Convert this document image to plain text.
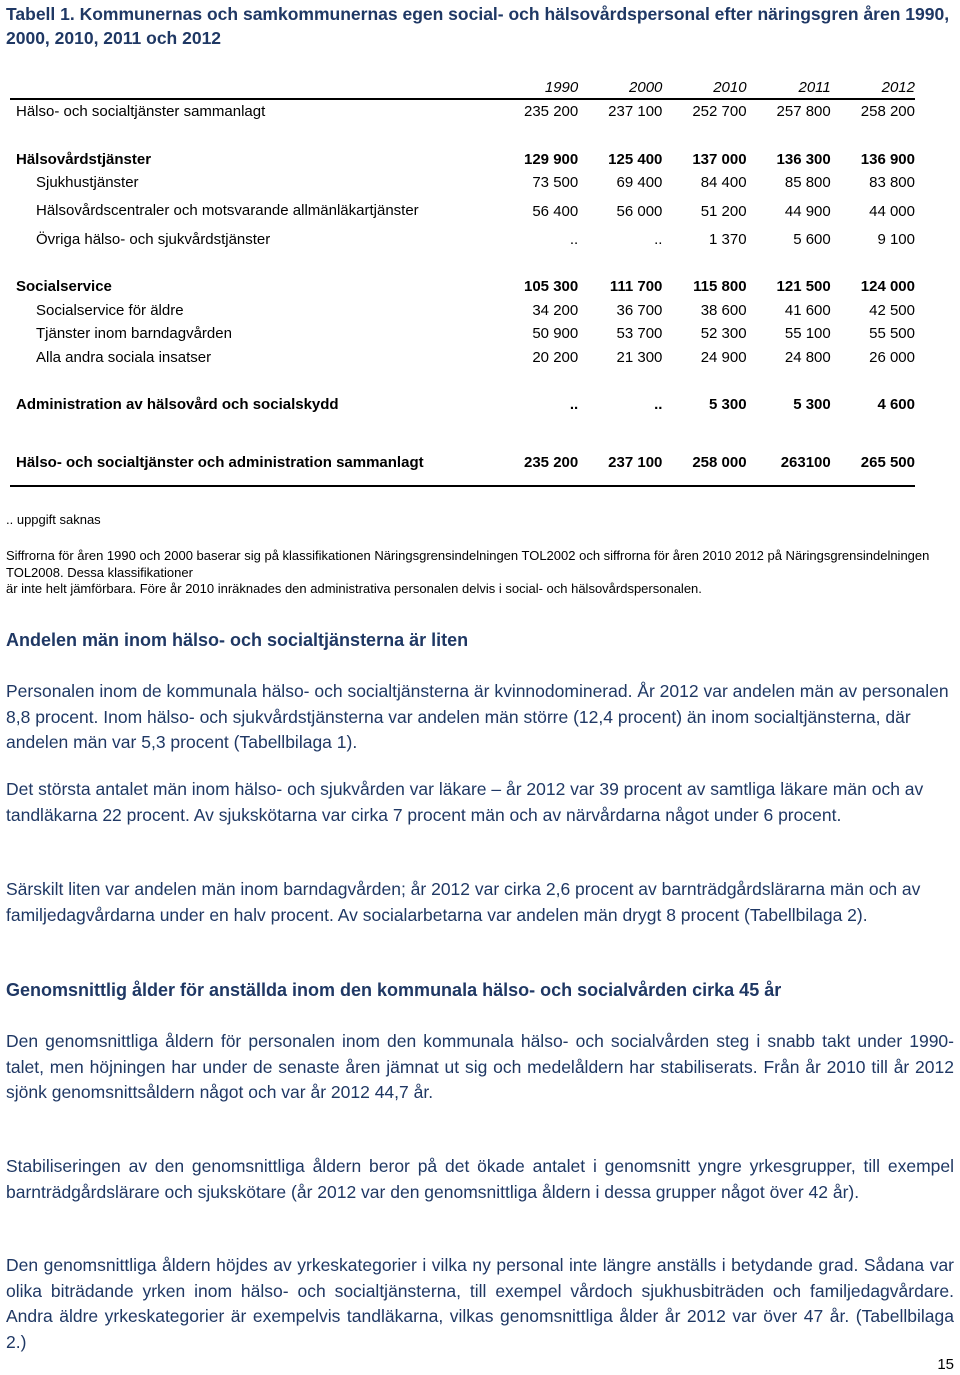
Tabell 1. Kommunernas och samkommunernas egen social- och hälsovårdspersonal efter näringsgren åren 1990, 2000, 2010, 2011 och 2012
	1990	2000	2010	2011	2012
Hälso- och socialtjänster sammanlagt	235 200	237 100	252 700	257 800	258 200

Hälsovårdstjänster	129 900	125 400	137 000	136 300	136 900
Sjukhustjänster	73 500	69 400	84 400	85 800	83 800
Hälsovårdscentraler och motsvarande allmänläkartjänster	56 400	56 000	51 200	44 900	44 000
Övriga hälso- och sjukvårdstjänster	..	..	1 370	5 600	9 100

Socialservice	105 300	111 700	115 800	121 500	124 000
Socialservice för äldre	34 200	36 700	38 600	41 600	42 500
Tjänster inom barndagvården	50 900	53 700	52 300	55 100	55 500
Alla andra sociala insatser	20 200	21 300	24 900	24 800	26 000

Administration av hälsovård och socialskydd	..	..	5 300	5 300	4 600

Hälso- och socialtjänster och administration sammanlagt	235 200	237 100	258 000	263100	265 500
.. uppgift saknas
Siffrorna för åren 1990 och 2000 baserar sig på klassifikationen Näringsgrensindelningen TOL2002 och siffrorna för åren 2010 2012 på Näringsgrensindelningen TOL2008. Dessa klassifikationer
är inte helt jämförbara. Före år 2010 inräknades den administrativa personalen delvis i social- och hälsovårdspersonalen.
Andelen män inom hälso- och socialtjänsterna är liten

Personalen inom de kommunala hälso- och socialtjänsterna är kvinnodominerad. År 2012 var andelen män av personalen 8,8 procent. Inom hälso- och sjukvårdstjänsterna var andelen män större (12,4 procent) än inom socialtjänsterna, där andelen män var 5,3 procent (Tabellbilaga 1).

Det största antalet män inom hälso- och sjukvården var läkare – år 2012 var 39 procent av samtliga läkare män och av tandläkarna 22 procent. Av sjukskötarna var cirka 7 procent män och av närvårdarna något under 6 procent.

Särskilt liten var andelen män inom barndagvården; år 2012 var cirka 2,6 procent av barnträdgårdslärarna män och av familjedagvårdarna under en halv procent. Av socialarbetarna var andelen män drygt 8 procent (Tabellbilaga 2).

Genomsnittlig ålder för anställda inom den kommunala hälso- och socialvården cirka 45 år

Den genomsnittliga åldern för personalen inom den kommunala hälso- och socialvården steg i snabb takt under 1990-talet, men höjningen har under de senaste åren jämnat ut sig och medelåldern har stabiliserats. Från år 2010 till år 2012 sjönk genomsnittsåldern något och var år 2012 44,7 år.

Stabiliseringen av den genomsnittliga åldern beror på det ökade antalet i genomsnitt yngre yrkesgrupper, till exempel barnträdgårdslärare och sjukskötare (år 2012 var den genomsnittliga åldern i dessa grupper något över 42 år).

Den genomsnittliga åldern höjdes av yrkeskategorier i vilka ny personal inte längre anställs i betydande grad. Sådana var olika biträdande yrken inom hälso- och socialtjänsterna, till exempel vårdoch sjukhusbiträden och familjedagvårdare. Andra äldre yrkeskategorier är exempelvis tandläkarna, vilkas genomsnittliga ålder år 2012 var över 47 år. (Tabellbilaga 2.)

15
